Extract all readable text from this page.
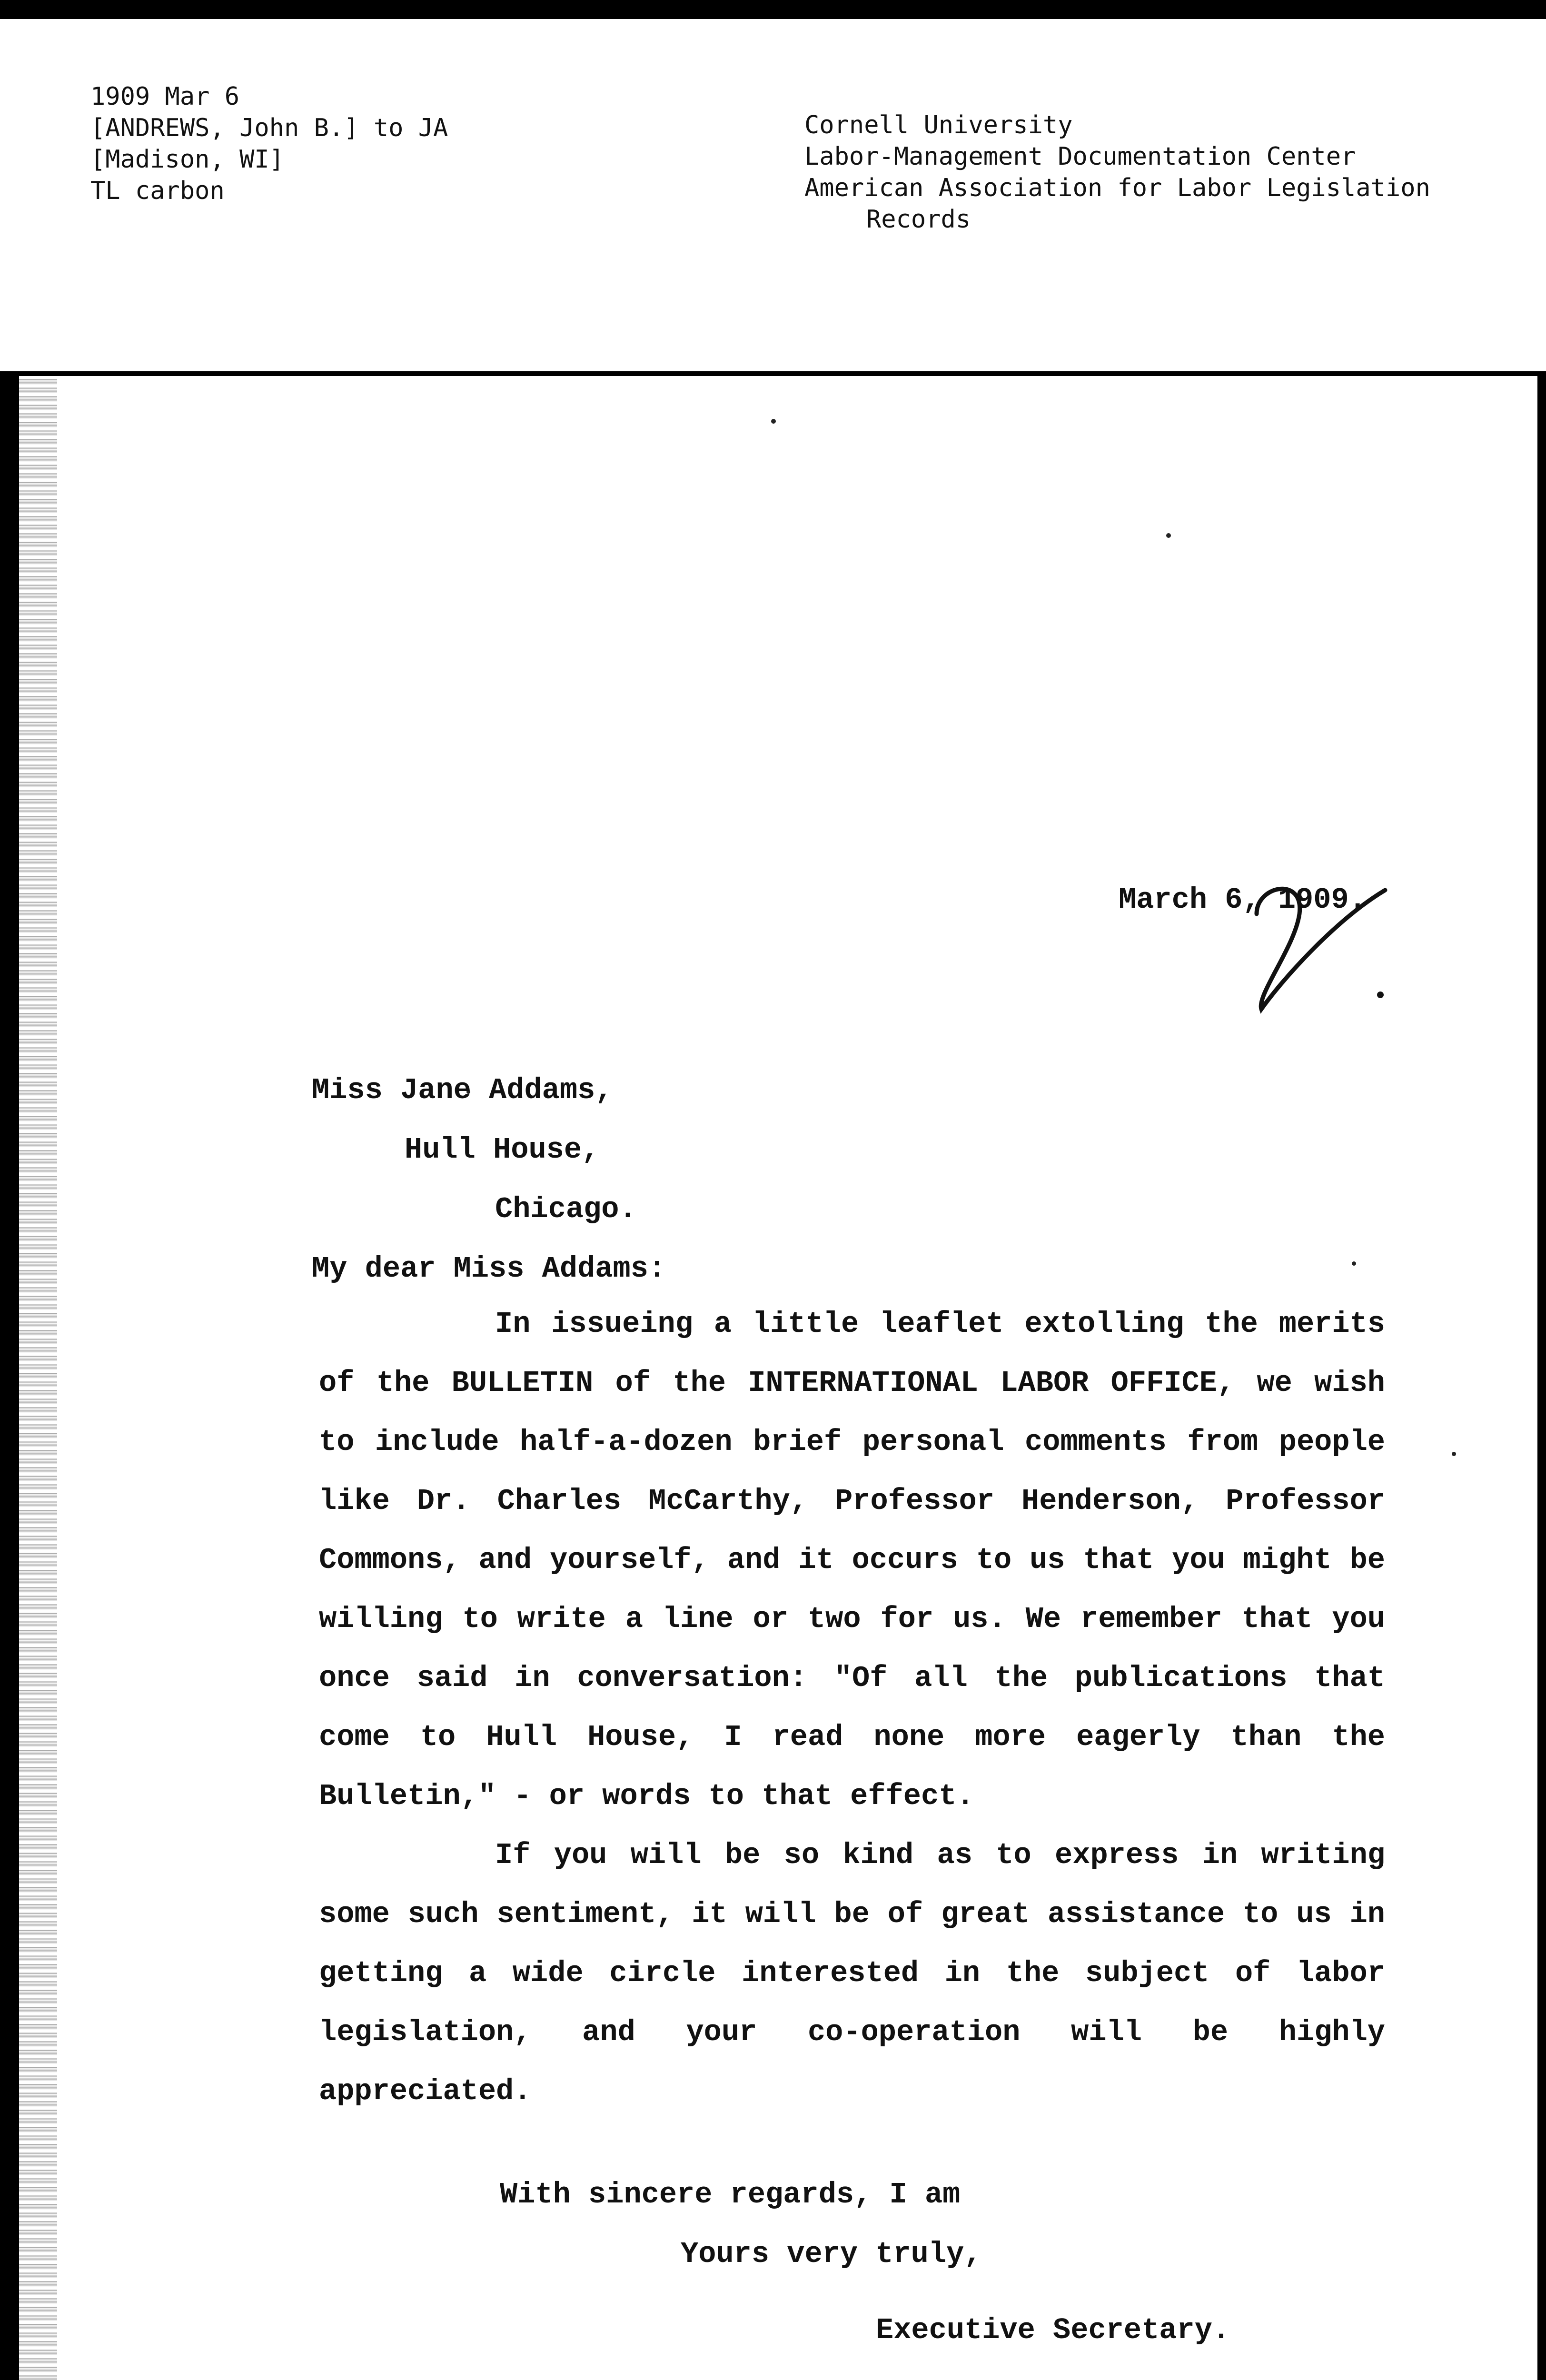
1909 Mar 6
[ANDREWS, John B.] to JA
[Madison, WI]
TL carbon
Cornell University
Labor-Management Documentation Center
American Association for Labor Legislation
Records
March 6, 1909.
Miss Jane Addams,
Hull House,
Chicago.
My dear Miss Addams:

In issueing a little leaflet extolling the merits of the BULLETIN of the INTERNATIONAL LABOR OFFICE, we wish to include half-a-dozen brief personal comments from people like Dr. Charles McCarthy, Professor Henderson, Professor Commons, and yourself, and it occurs to us that you might be willing to write a line or two for us. We remember that you once said in conversation: "Of all the publications that come to Hull House, I read none more eagerly than the Bulletin," - or words to that effect.

If you will be so kind as to express in writing some such sentiment, it will be of great assistance to us in getting a wide circle interested in the subject of labor legislation, and your co-operation will be highly appreciated.

With sincere regards, I am
Yours very truly,
Executive Secretary.
